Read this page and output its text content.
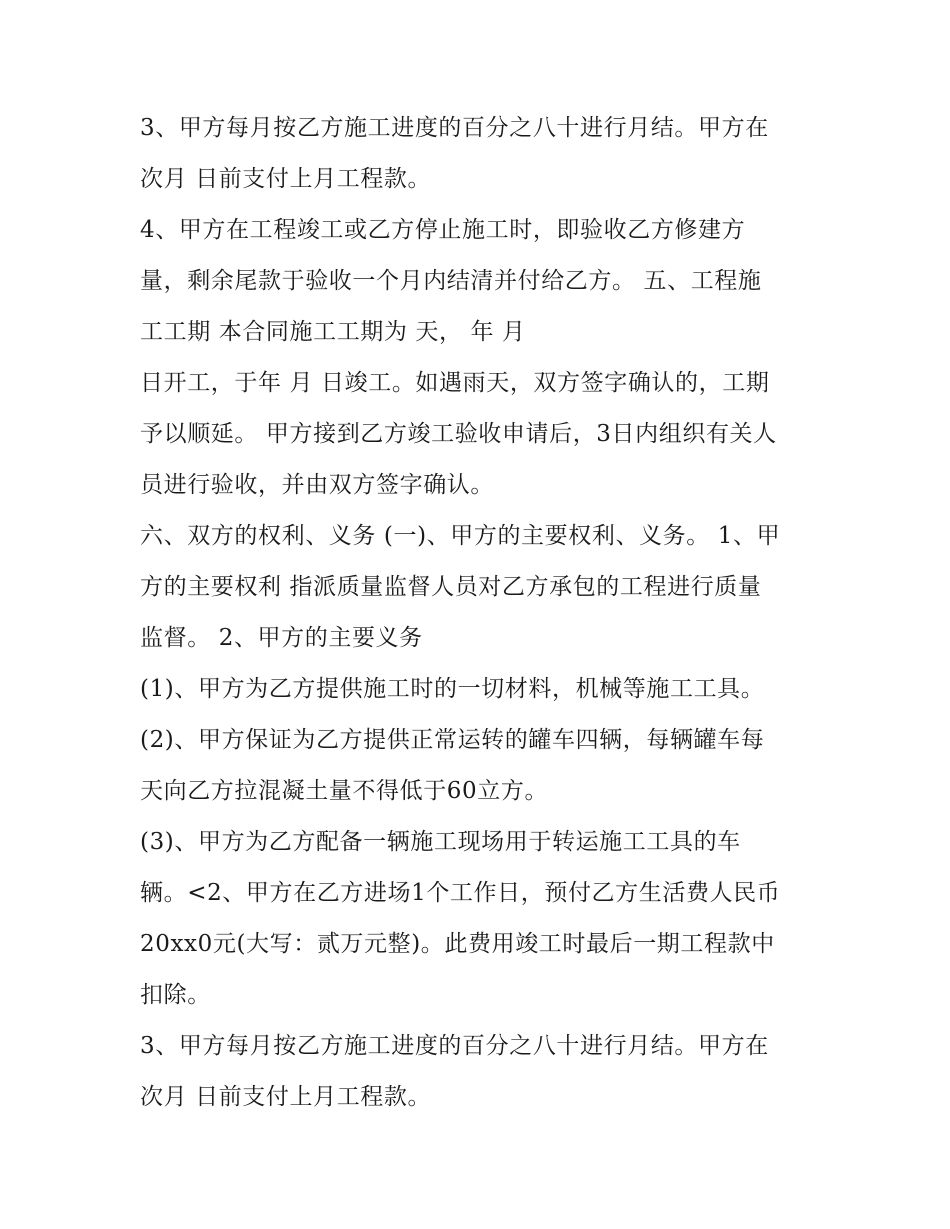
3、甲方每月按乙方施工进度的百分之八十进行月结。甲方在
次月 日前支付上月工程款。
4、甲方在工程竣工或乙方停止施工时，即验收乙方修建方
量，剩余尾款于验收一个月内结清并付给乙方。 五、工程施
工工期 本合同施工工期为 天， 年 月
日开工，于年 月 日竣工。如遇雨天，双方签字确认的，工期
予以顺延。 甲方接到乙方竣工验收申请后，3日内组织有关人
员进行验收，并由双方签字确认。
六、双方的权利、义务 (一)、甲方的主要权利、义务。 1、甲
方的主要权利 指派质量监督人员对乙方承包的工程进行质量
监督。 2、甲方的主要义务
(1)、甲方为乙方提供施工时的一切材料，机械等施工工具。
(2)、甲方保证为乙方提供正常运转的罐车四辆，每辆罐车每
天向乙方拉混凝土量不得低于60立方。
(3)、甲方为乙方配备一辆施工现场用于转运施工工具的车
辆。<2、甲方在乙方进场1个工作日，预付乙方生活费人民币
20xx0元(大写：贰万元整)。此费用竣工时最后一期工程款中
扣除。
3、甲方每月按乙方施工进度的百分之八十进行月结。甲方在
次月 日前支付上月工程款。
